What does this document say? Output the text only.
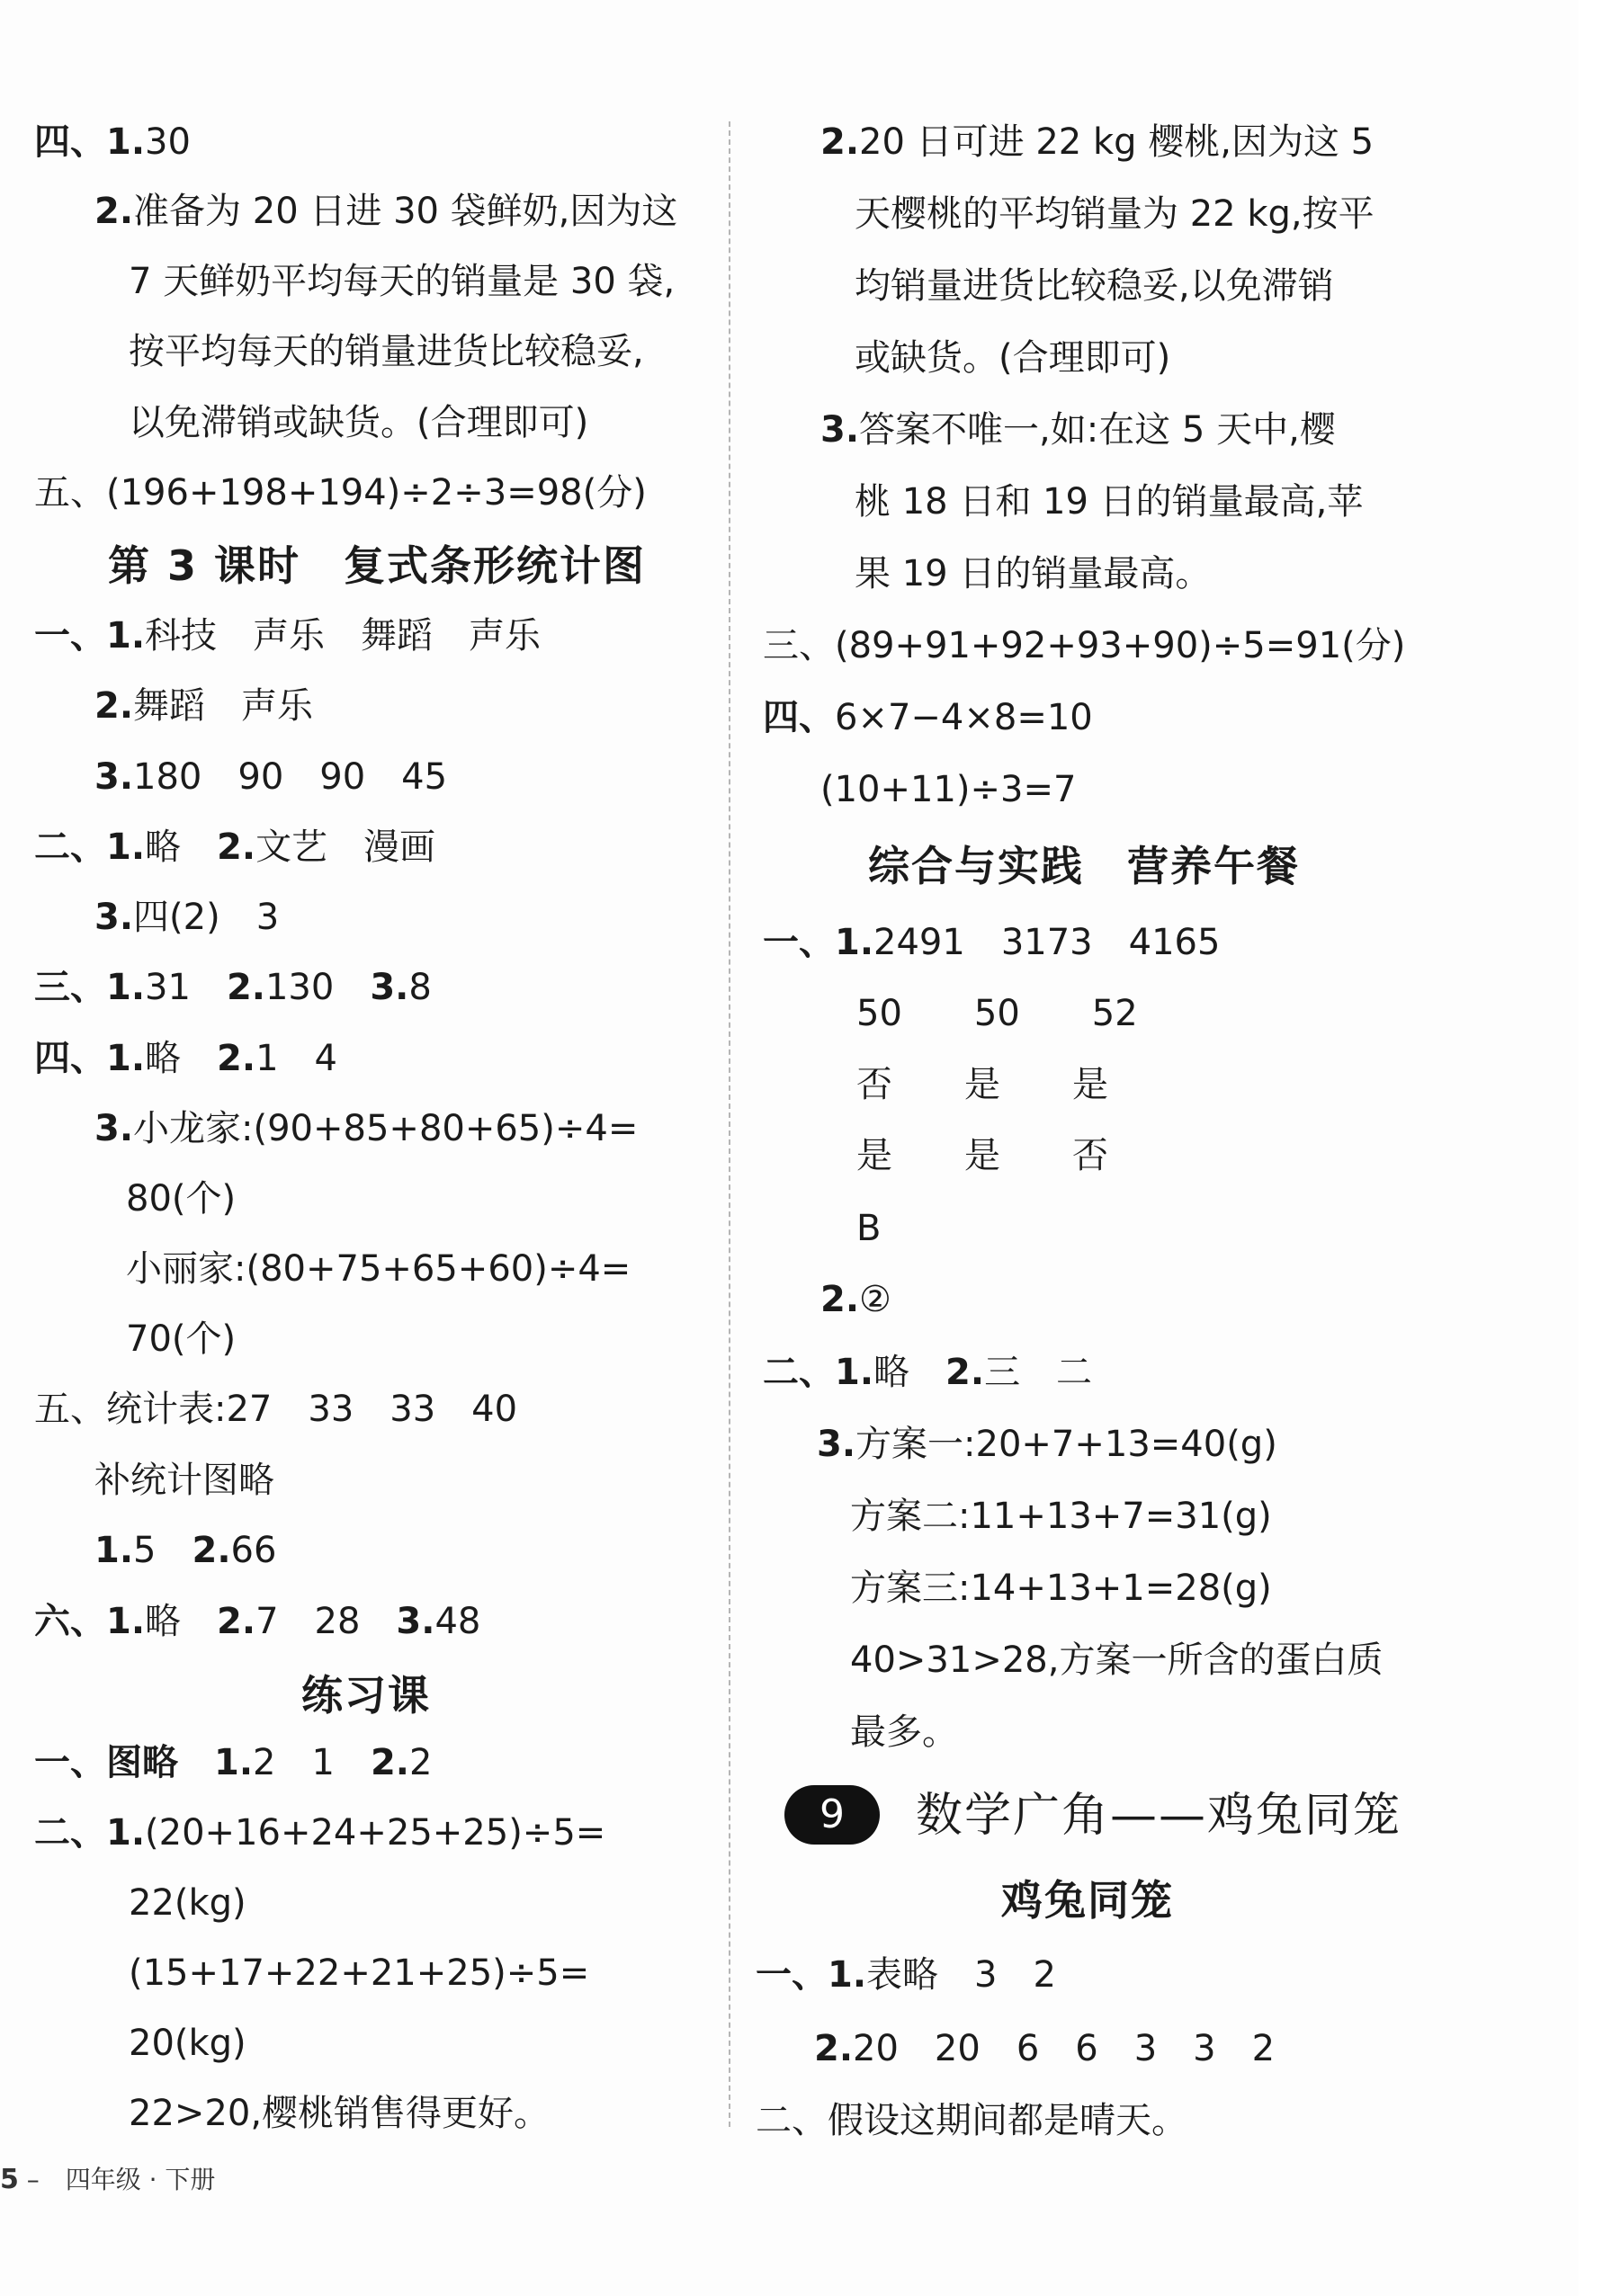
四、1.30
2.准备为 20 日进 30 袋鲜奶,因为这
7 天鲜奶平均每天的销量是 30 袋,
按平均每天的销量进货比较稳妥,
以免滞销或缺货。(合理即可)
五、(196+198+194)÷2÷3=98(分)
第 3 课时　复式条形统计图
一、1.科技　声乐　舞蹈　声乐
2.舞蹈　声乐
3.180　90　90　45
二、1.略　2.文艺　漫画
3.四(2)　3
三、1.31　2.130　3.8
四、1.略　2.1　4
3.小龙家:(90+85+80+65)÷4=
80(个)
小丽家:(80+75+65+60)÷4=
70(个)
五、统计表:27　33　33　40
补统计图略
1.5　2.66
六、1.略　2.7　28　3.48
练习课
一、图略　1.2　1　2.2
二、1.(20+16+24+25+25)÷5=
22(kg)
(15+17+22+21+25)÷5=
20(kg)
22>20,樱桃销售得更好。
2.20 日可进 22 kg 樱桃,因为这 5
天樱桃的平均销量为 22 kg,按平
均销量进货比较稳妥,以免滞销
或缺货。(合理即可)
3.答案不唯一,如:在这 5 天中,樱
桃 18 日和 19 日的销量最高,苹
果 19 日的销量最高。
三、(89+91+92+93+90)÷5=91(分)
四、6×7−4×8=10
(10+11)÷3=7
综合与实践　营养午餐
一、1.2491　3173　4165
50　　50　　52
否　　是　　是
是　　是　　否
B
2.②
二、1.略　2.三　二
3.方案一:20+7+13=40(g)
方案二:11+13+7=31(g)
方案三:14+13+1=28(g)
40>31>28,方案一所含的蛋白质
最多。
9	数学广角——鸡兔同笼
鸡兔同笼
一、1.表略　3　2
2.20　20　6　6　3　3　2
二、假设这期间都是晴天。
5 – 四年级 · 下册
